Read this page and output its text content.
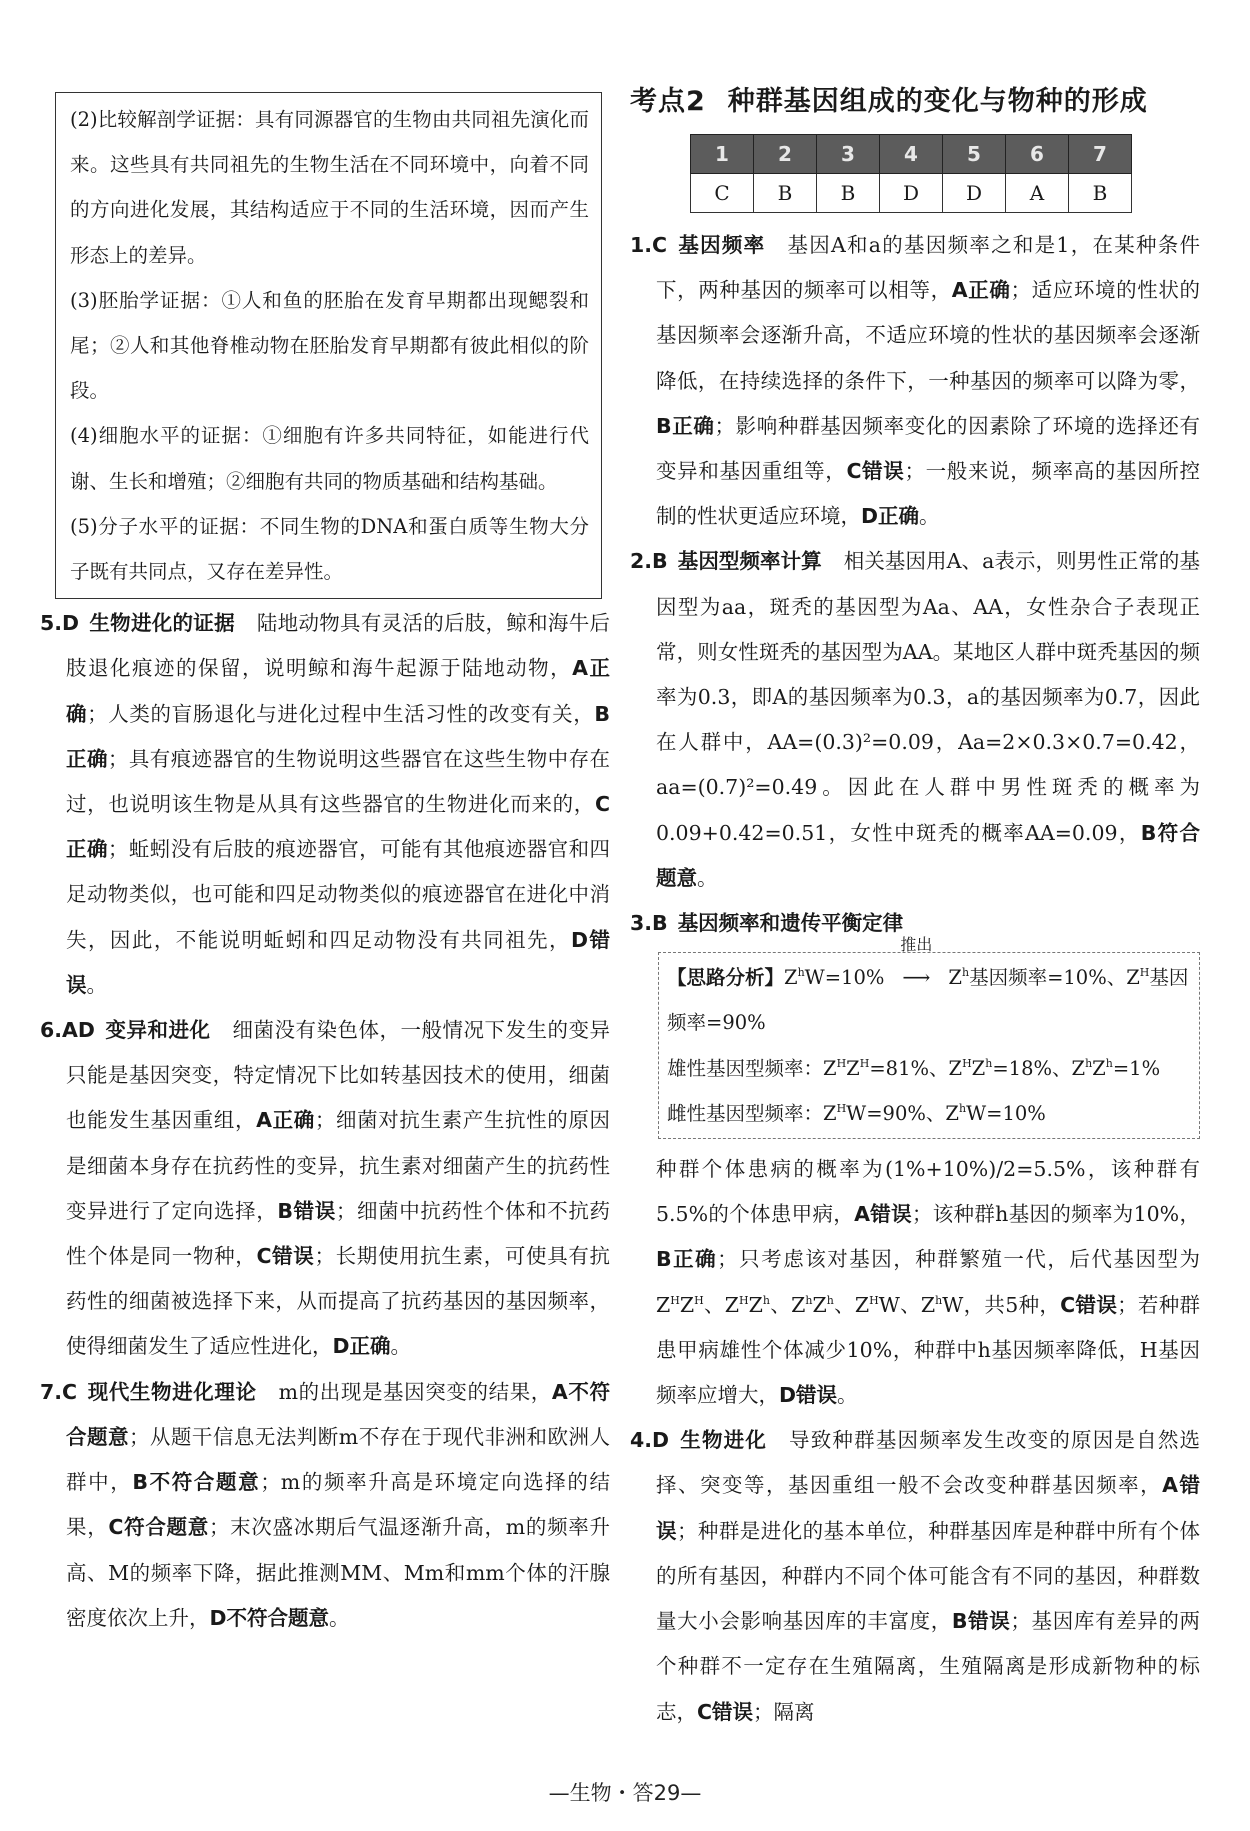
(2)比较解剖学证据：具有同源器官的生物由共同祖先演化而来。这些具有共同祖先的生物生活在不同环境中，向着不同的方向进化发展，其结构适应于不同的生活环境，因而产生形态上的差异。

(3)胚胎学证据：①人和鱼的胚胎在发育早期都出现鳃裂和尾；②人和其他脊椎动物在胚胎发育早期都有彼此相似的阶段。

(4)细胞水平的证据：①细胞有许多共同特征，如能进行代谢、生长和增殖；②细胞有共同的物质基础和结构基础。

(5)分子水平的证据：不同生物的DNA和蛋白质等生物大分子既有共同点，又存在差异性。

5.D 生物进化的证据 陆地动物具有灵活的后肢，鲸和海牛后肢退化痕迹的保留，说明鲸和海牛起源于陆地动物，A正确；人类的盲肠退化与进化过程中生活习性的改变有关，B正确；具有痕迹器官的生物说明这些器官在这些生物中存在过，也说明该生物是从具有这些器官的生物进化而来的，C正确；蚯蚓没有后肢的痕迹器官，可能有其他痕迹器官和四足动物类似，也可能和四足动物类似的痕迹器官在进化中消失，因此，不能说明蚯蚓和四足动物没有共同祖先，D错误。

6.AD 变异和进化 细菌没有染色体，一般情况下发生的变异只能是基因突变，特定情况下比如转基因技术的使用，细菌也能发生基因重组，A正确；细菌对抗生素产生抗性的原因是细菌本身存在抗药性的变异，抗生素对细菌产生的抗药性变异进行了定向选择，B错误；细菌中抗药性个体和不抗药性个体是同一物种，C错误；长期使用抗生素，可使具有抗药性的细菌被选择下来，从而提高了抗药基因的基因频率，使得细菌发生了适应性进化，D正确。

7.C 现代生物进化理论 m的出现是基因突变的结果，A不符合题意；从题干信息无法判断m不存在于现代非洲和欧洲人群中，B不符合题意；m的频率升高是环境定向选择的结果，C符合题意；末次盛冰期后气温逐渐升高，m的频率升高、M的频率下降，据此推测MM、Mm和mm个体的汗腺密度依次上升，D不符合题意。

考点2 种群基因组成的变化与物种的形成
1	2	3	4	5	6	7
C	B	B	D	D	A	B

1.C 基因频率 基因A和a的基因频率之和是1，在某种条件下，两种基因的频率可以相等，A正确；适应环境的性状的基因频率会逐渐升高，不适应环境的性状的基因频率会逐渐降低，在持续选择的条件下，一种基因的频率可以降为零，B正确；影响种群基因频率变化的因素除了环境的选择还有变异和基因重组等，C错误；一般来说，频率高的基因所控制的性状更适应环境，D正确。

2.B 基因型频率计算 相关基因用A、a表示，则男性正常的基因型为aa，斑秃的基因型为Aa、AA，女性杂合子表现正常，则女性斑秃的基因型为AA。某地区人群中斑秃基因的频率为0.3，即A的基因频率为0.3，a的基因频率为0.7，因此在人群中，AA=(0.3)²=0.09，Aa=2×0.3×0.7=0.42，aa=(0.7)²=0.49。因此在人群中男性斑秃的概率为0.09+0.42=0.51，女性中斑秃的概率AA=0.09，B符合题意。

3.B 基因频率和遗传平衡定律

【思路分析】$Z^hW=10\%$
推出
⟶ $Z^h$基因频率=10%、$Z^H$基因频率=90%
雄性基因型频率：$Z^HZ^H=81\%$、$Z^HZ^h=18\%$、$Z^hZ^h=1\%$
雌性基因型频率：$Z^HW=90\%$、$Z^hW=10\%$

种群个体患病的概率为(1%+10%)/2=5.5%，该种群有5.5%的个体患甲病，A错误；该种群h基因的频率为10%，B正确；只考虑该对基因，种群繁殖一代，后代基因型为$Z^HZ^H$、$Z^HZ^h$、$Z^hZ^h$、$Z^HW$、$Z^hW$，共5种，C错误；若种群患甲病雄性个体减少10%，种群中h基因频率降低，H基因频率应增大，D错误。

4.D 生物进化 导致种群基因频率发生改变的原因是自然选择、突变等，基因重组一般不会改变种群基因频率，A错误；种群是进化的基本单位，种群基因库是种群中所有个体的所有基因，种群内不同个体可能含有不同的基因，种群数量大小会影响基因库的丰富度，B错误；基因库有差异的两个种群不一定存在生殖隔离，生殖隔离是形成新物种的标志，C错误；隔离

—生物・答29—
